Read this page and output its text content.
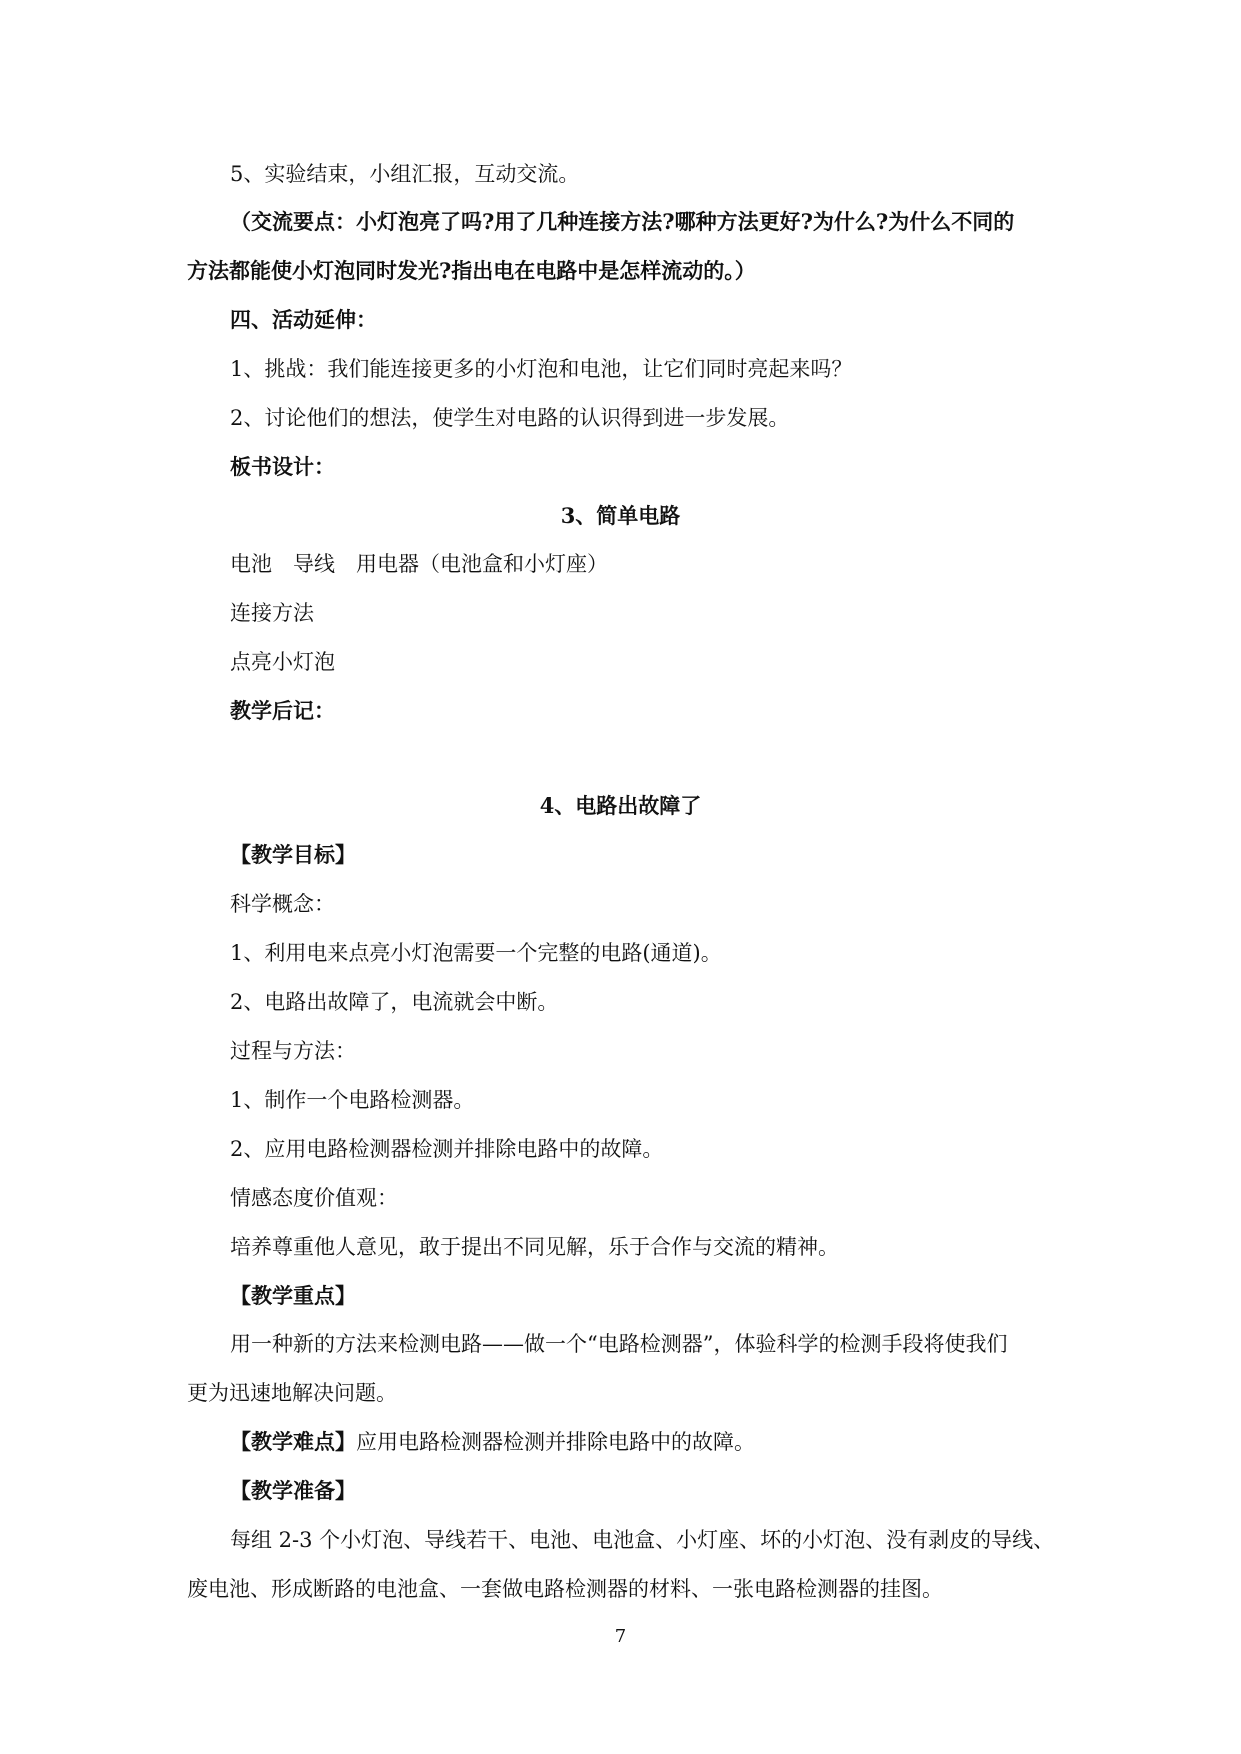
5、实验结束，小组汇报，互动交流。
（交流要点：小灯泡亮了吗?用了几种连接方法?哪种方法更好?为什么?为什么不同的
方法都能使小灯泡同时发光?指出电在电路中是怎样流动的。）
四、活动延伸：
1、挑战：我们能连接更多的小灯泡和电池，让它们同时亮起来吗？
2、讨论他们的想法，使学生对电路的认识得到进一步发展。
板书设计：
3、简单电路
电池　导线　用电器（电池盒和小灯座）
连接方法
点亮小灯泡
教学后记：
4、电路出故障了
【教学目标】
科学概念：
1、利用电来点亮小灯泡需要一个完整的电路(通道)。
2、电路出故障了，电流就会中断。
过程与方法：
1、制作一个电路检测器。
2、应用电路检测器检测并排除电路中的故障。
情感态度价值观：
培养尊重他人意见，敢于提出不同见解，乐于合作与交流的精神。
【教学重点】
用一种新的方法来检测电路——做一个“电路检测器”，体验科学的检测手段将使我们
更为迅速地解决问题。
【教学难点】应用电路检测器检测并排除电路中的故障。
【教学准备】
每组 2-3 个小灯泡、导线若干、电池、电池盒、小灯座、坏的小灯泡、没有剥皮的导线、
废电池、形成断路的电池盒、一套做电路检测器的材料、一张电路检测器的挂图。
7
